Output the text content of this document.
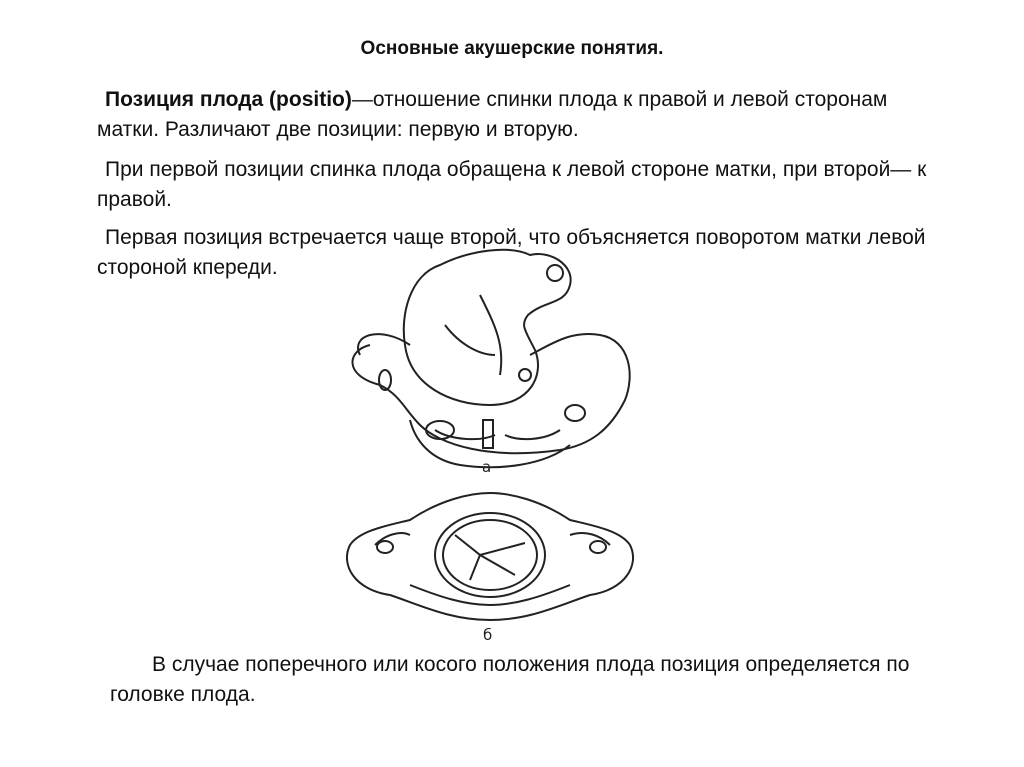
Основные акушерские понятия.
Позиция плода (positio)—отношение спинки плода к правой и левой сторонам матки. Различают две позиции: первую и вторую.
При первой позиции спинка плода обращена к левой стороне матки, при второй— к правой.
Первая позиция встречается чаще второй, что объясняется поворотом матки левой стороной кпереди.
а
б
В случае поперечного или косого положения плода позиция определяется по головке плода.
